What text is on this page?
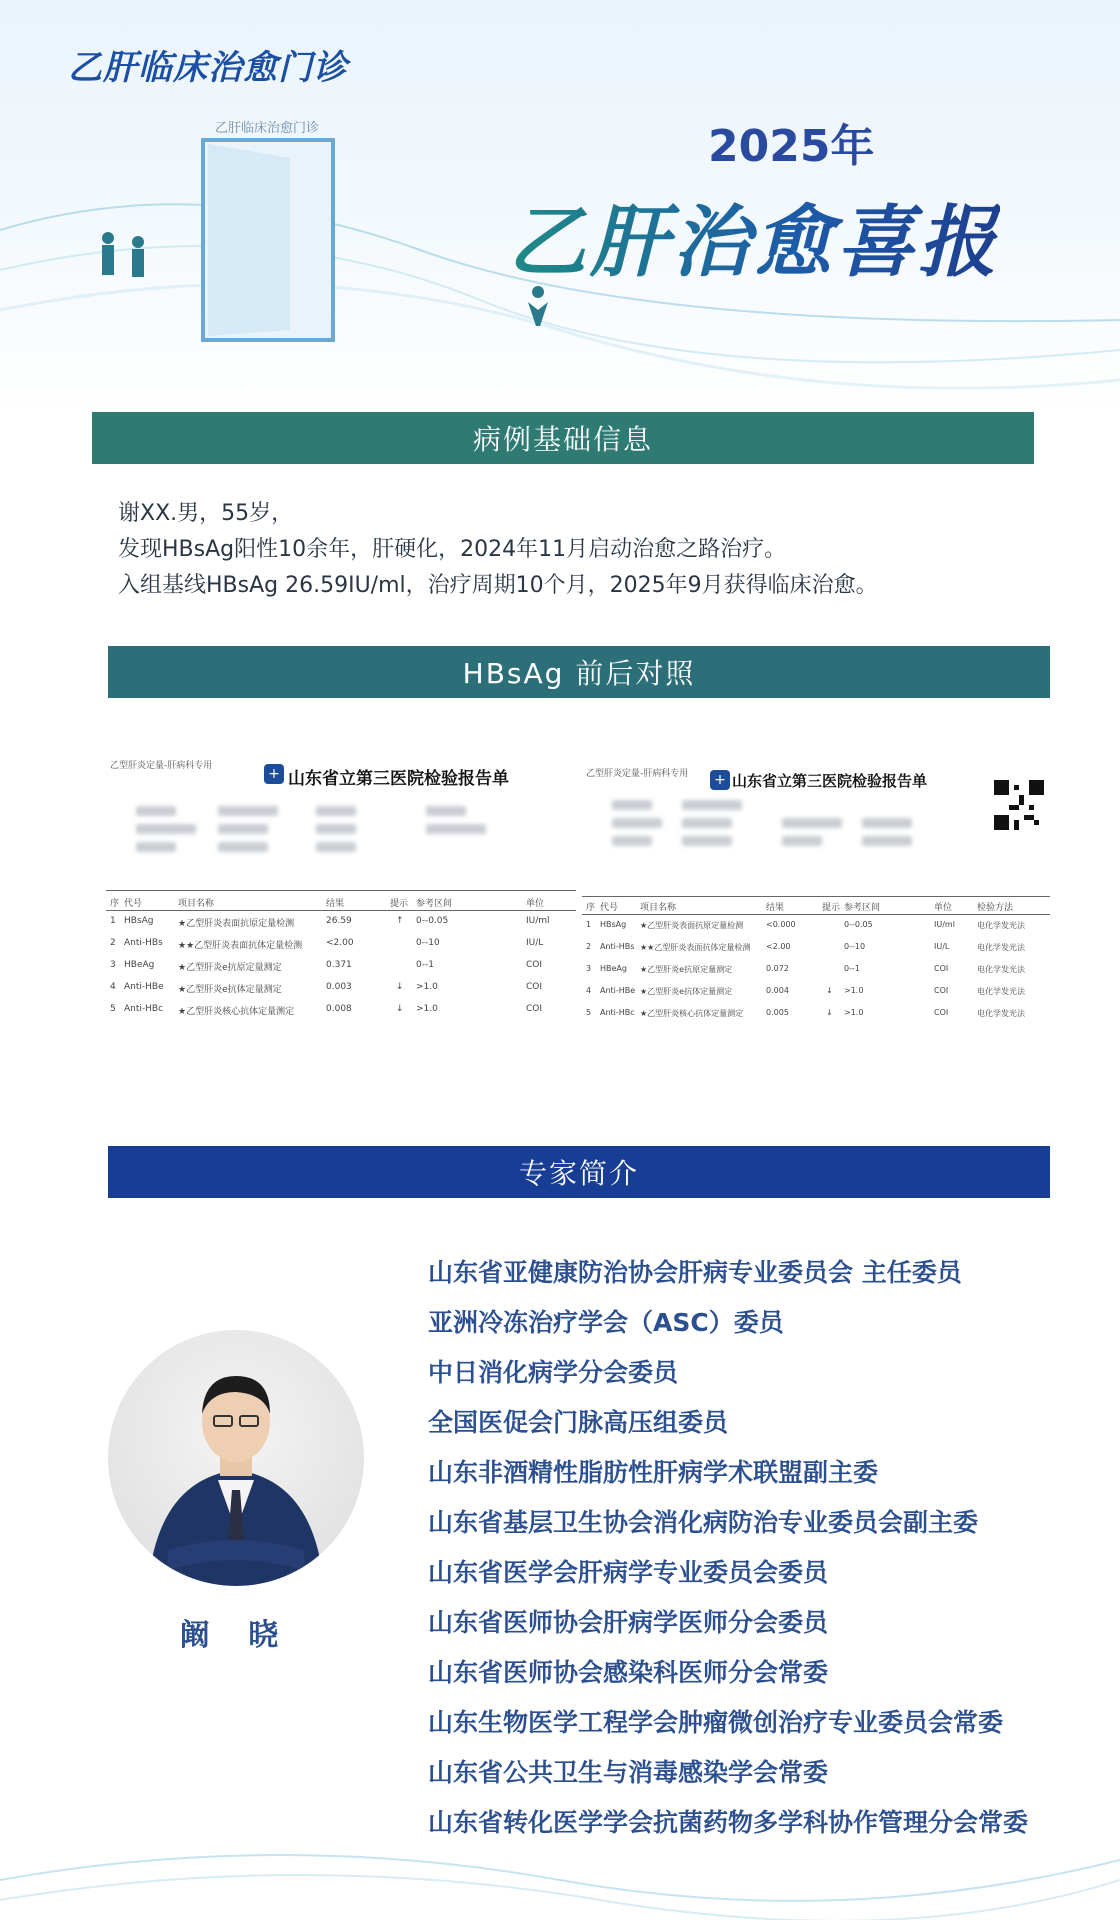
乙肝临床治愈门诊
乙肝临床治愈门诊
2025年
乙肝治愈喜报
病例基础信息
谢XX.男，55岁，
发现HBsAg阳性10余年，肝硬化，2024年11月启动治愈之路治疗。
入组基线HBsAg 26.59IU/ml，治疗周期10个月，2025年9月获得临床治愈。
HBsAg 前后对照
乙型肝炎定量-肝病科专用	+ 山东省立第三医院检验报告单
序 代号	项目名称	结果	提示 参考区间	单位
1 HBsAg	★乙型肝炎表面抗原定量检测	26.59	↑ 0--0.05	IU/ml
2 Anti-HBs ★★乙型肝炎表面抗体定量检测	<2.00	0--10	IU/L
3 HBeAg	★乙型肝炎e抗原定量测定	0.371	0--1	COI
4 Anti-HBe ★乙型肝炎e抗体定量测定	0.003	↓ >1.0	COI
5 Anti-HBc ★乙型肝炎核心抗体定量测定	0.008	↓ >1.0	COI
乙型肝炎定量-肝病科专用 + 山东省立第三医院检验报告单
序 代号 项目名称	结果	提示 参考区间	单位	检验方法
1 HBsAg ★乙型肝炎表面抗原定量检测	<0.000	0--0.05	IU/ml	电化学发光法
2 Anti-HBs ★★乙型肝炎表面抗体定量检测 <2.00	0--10	IU/L	电化学发光法
3 HBeAg ★乙型肝炎e抗原定量测定	0.072	0--1	COI	电化学发光法
4 Anti-HBe ★乙型肝炎e抗体定量测定	0.004	↓ >1.0	COI	电化学发光法
5 Anti-HBc ★乙型肝炎核心抗体定量测定	0.005	↓ >1.0	COI	电化学发光法
专家简介
阚 晓
山东省亚健康防治协会肝病专业委员会 主任委员
亚洲冷冻治疗学会（ASC）委员
中日消化病学分会委员
全国医促会门脉高压组委员
山东非酒精性脂肪性肝病学术联盟副主委
山东省基层卫生协会消化病防治专业委员会副主委
山东省医学会肝病学专业委员会委员
山东省医师协会肝病学医师分会委员
山东省医师协会感染科医师分会常委
山东生物医学工程学会肿瘤微创治疗专业委员会常委
山东省公共卫生与消毒感染学会常委
山东省转化医学学会抗菌药物多学科协作管理分会常委
